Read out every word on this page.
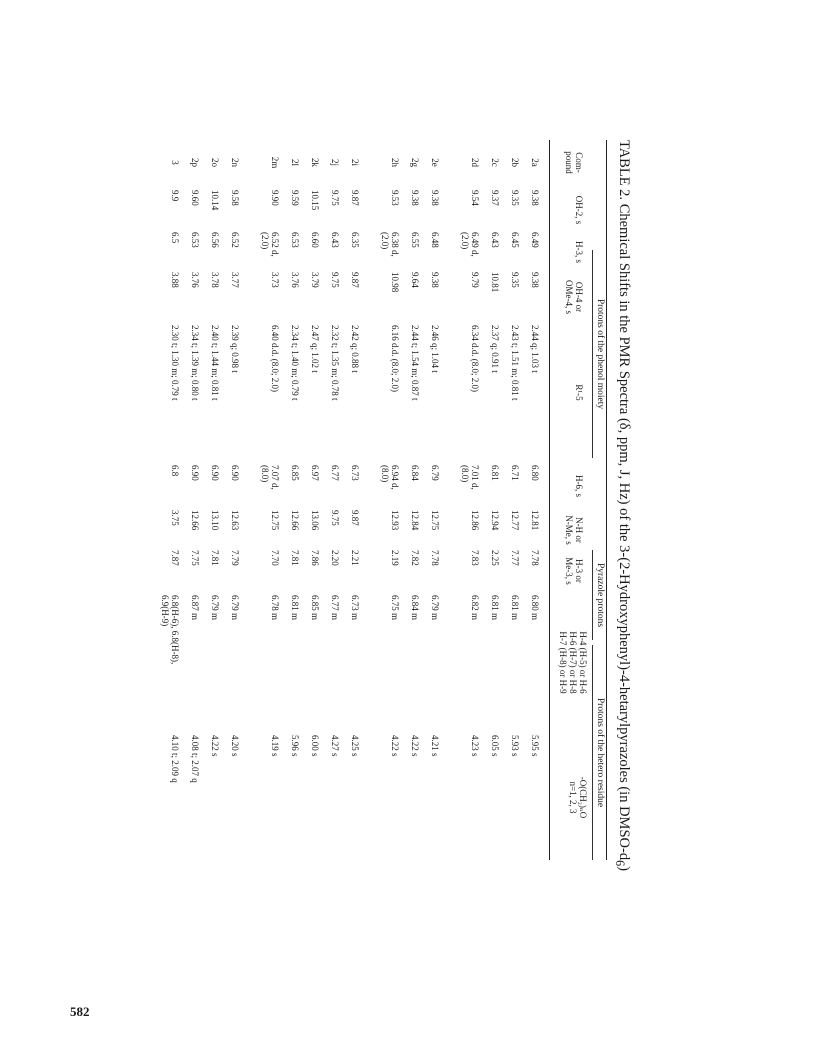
TABLE 2. Chemical Shifts in the PMR Spectra (δ, ppm, J, Hz) of the 3-(2-Hydroxyphenyl)-4-hetarylpyrazoles (in DMSO-$d_6$)
Protons of the phenol moiety
Pyrazole protons
Protons of the hetero residue
Com-
pound
OH-2, s
H-3, s
OH-4 or
OMe-4, s
R¹-5
H-6, s
N-H or
N-Me, s
H-3 or
Me-3, s
H-4 (H-5) or H-6
H-6 (H-7) or H-8
H-7 (H-8) or H-9
-O(CH₂)ₙO
n=1, 2, 3
2a
9.38
6.49
9.38
2.44 q; 1.03 t
6.80
12.81
7.78
6.80 m
5.95 s
2b
9.35
6.45
9.35
2.43 t; 1.51 m; 0.81 t
6.71
12.77
7.77
6.81 m
5.93 s
2c
9.37
6.43
10.81
2.37 q; 0.91 t
6.81
12.94
2.25
6.81 m
6.05 s
2d
9.54
6.49 d,
(2.0)
9.79
6.34 d.d. (8.0; 2.0)
7.01 d,
(8.0)
12.86
7.83
6.82 m
4.23 s
2e
9.38
6.48
9.38
2.46 q; 1.04 t
6.79
12.75
7.78
6.79 m
4.21 s
2g
9.38
6.55
9.64
2.44 t; 1.54 m; 0.87 t
6.84
12.84
7.82
6.84 m
4.22 s
2h
9.53
6.38 d,
(2.0)
10.98
6.16 d.d. (8.0; 2.0)
6.94 d,
(8.0)
12.93
2.19
6.75 m
4.22 s
2i
9.87
6.35
9.87
2.42 q; 0.88 t
6.73
9.87
2.21
6.73 m
4.25 s
2j
9.75
6.43
9.75
2.32 t; 1.35 m; 0.78 t
6.77
9.75
2.20
6.77 m
4.27 s
2k
10.15
6.60
3.79
2.47 q; 1.02 t
6.97
13.06
7.86
6.85 m
6.00 s
2l
9.59
6.53
3.76
2.34 t; 1.40 m; 0.79 t
6.85
12.66
7.81
6.81 m
5.96 s
2m
9.90
6.52 d,
(2.0)
3.73
6.40 d.d. (8.0; 2.0)
7.07 d,
(8.0)
12.75
7.70
6.78 m
4.19 s
2n
9.58
6.52
3.77
2.39 q; 0.98 t
6.90
12.63
7.79
6.79 m
4.20 s
2o
10.14
6.56
3.78
2.40 t; 1.44 m; 0.81 t
6.90
13.10
7.81
6.79 m
4.22 s
2p
9.60
6.53
3.76
2.34 t; 1.39 m; 0.80 t
6.90
12.66
7.75
6.87 m
4.08 t; 2.07 q
3
9.9
6.5
3.88
2.30 t; 1.30 m; 0.79 t
6.8
3.75
7.87
6.8(H-6), 6.8(H-8),
6.9(H-9)
4.10 t; 2.09 q
582
